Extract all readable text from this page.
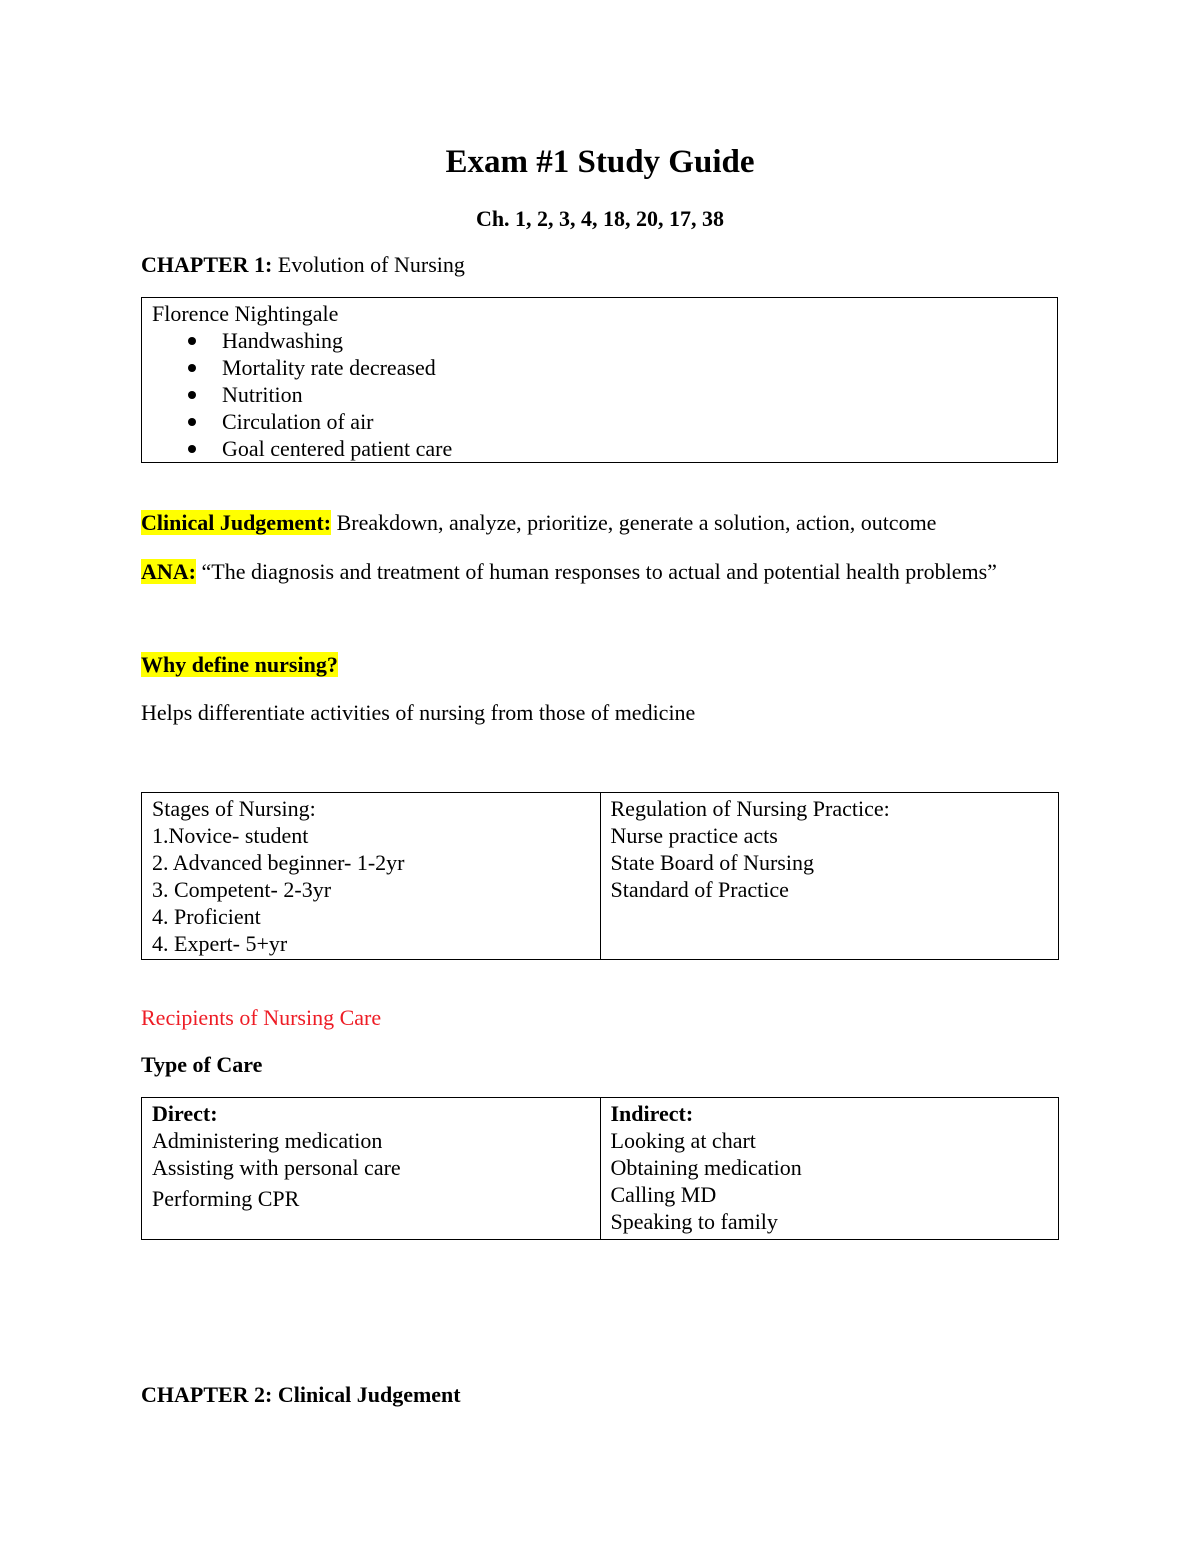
Exam #1 Study Guide

Ch. 1, 2, 3, 4, 18, 20, 17, 38

CHAPTER 1: Evolution of Nursing

Florence Nightingale
Handwashing
Mortality rate decreased
Nutrition
Circulation of air
Goal centered patient care

Clinical Judgement: Breakdown, analyze, prioritize, generate a solution, action, outcome

ANA: “The diagnosis and treatment of human responses to actual and potential health problems”

Why define nursing?

Helps differentiate activities of nursing from those of medicine

Stages of Nursing:
1.Novice- student
2. Advanced beginner- 1-2yr
3. Competent- 2-3yr
4. Proficient
4. Expert- 5+yr

Regulation of Nursing Practice:
Nurse practice acts
State Board of Nursing
Standard of Practice

Recipients of Nursing Care

Type of Care

Direct:
Administering medication
Assisting with personal care
Performing CPR

Indirect:
Looking at chart
Obtaining medication
Calling MD
Speaking to family

CHAPTER 2: Clinical Judgement
